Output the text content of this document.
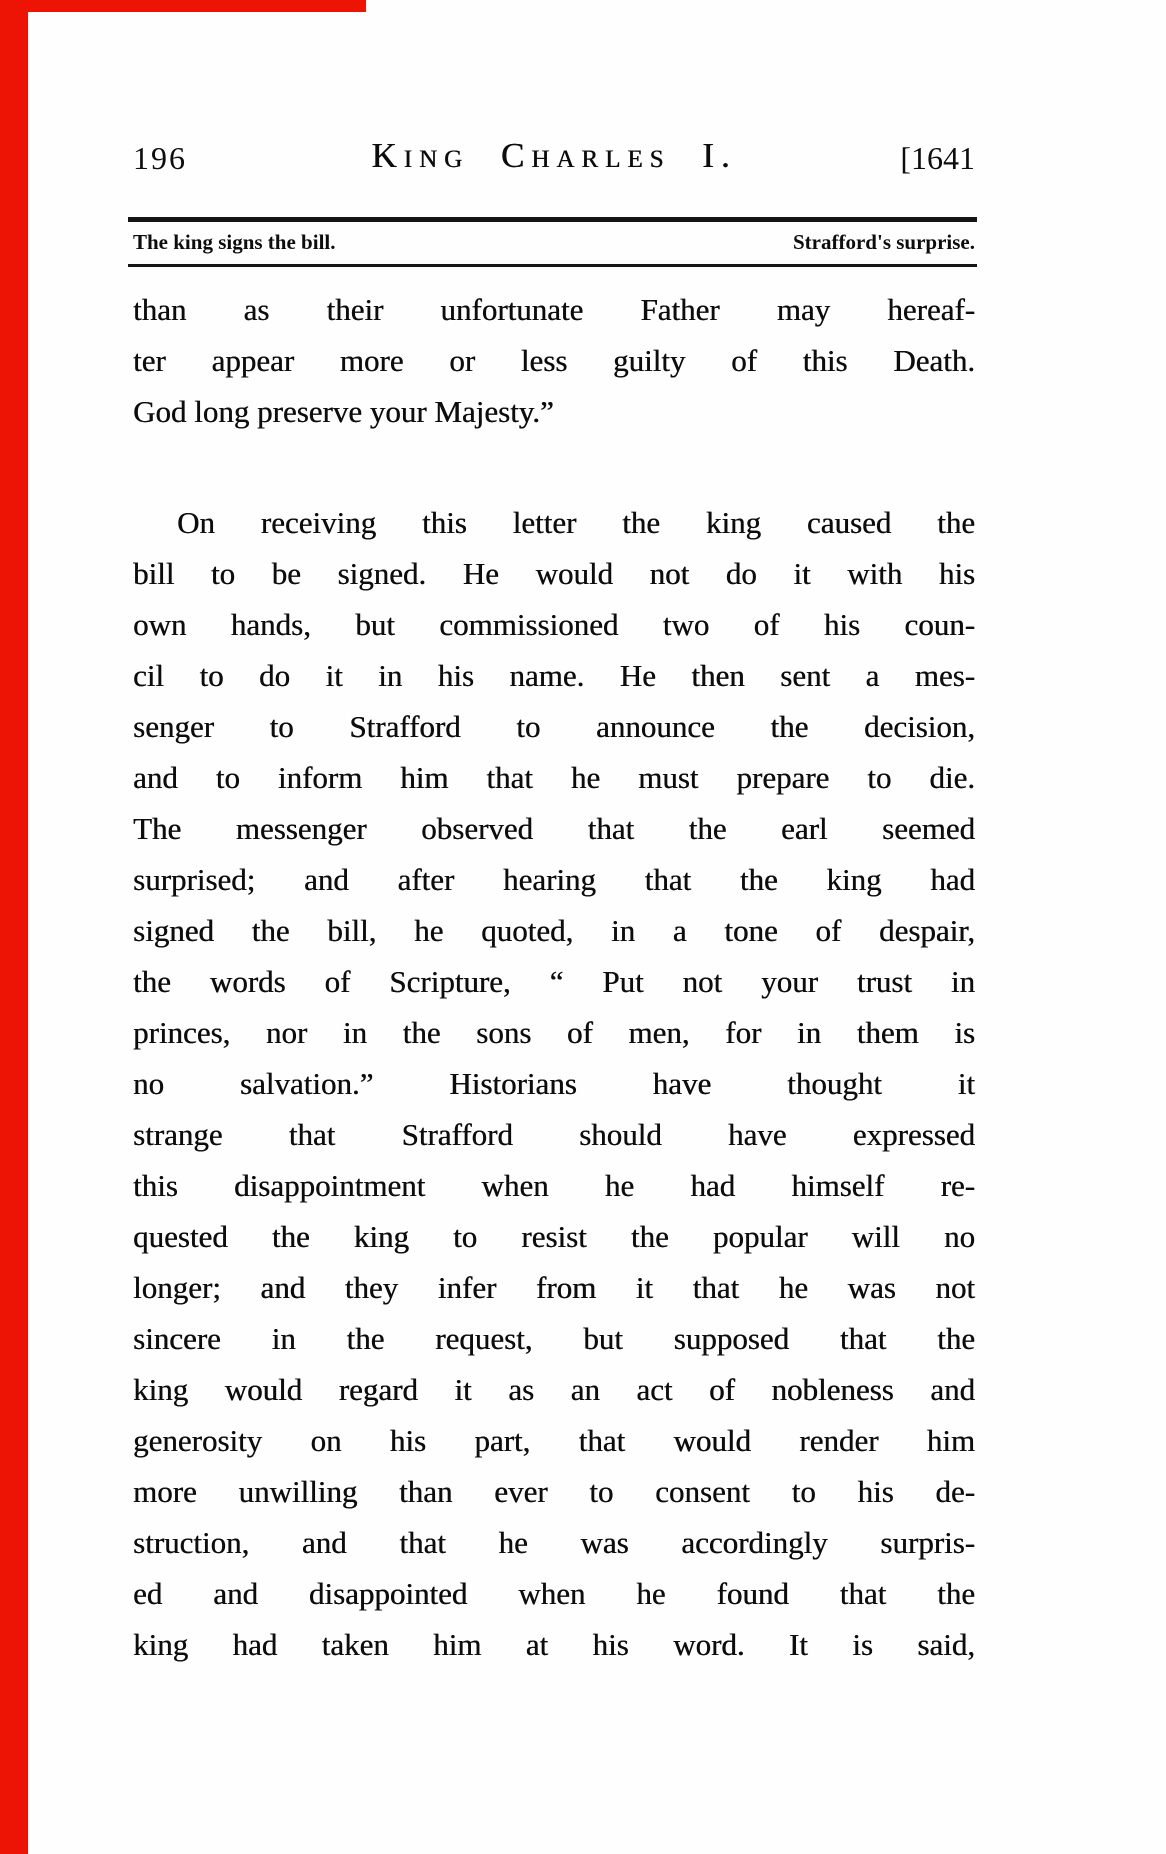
196	King Charles I.	[1641
The king signs the bill.	Strafford's surprise.
than as their unfortunate Father may hereaf-
ter appear more or less guilty of this Death.
God long preserve your Majesty.”
On receiving this letter the king caused the
bill to be signed. He would not do it with his
own hands, but commissioned two of his coun-
cil to do it in his name. He then sent a mes-
senger to Strafford to announce the decision,
and to inform him that he must prepare to die.
The messenger observed that the earl seemed
surprised; and after hearing that the king had
signed the bill, he quoted, in a tone of despair,
the words of Scripture, “ Put not your trust in
princes, nor in the sons of men, for in them is
no salvation.” Historians have thought it
strange that Strafford should have expressed
this disappointment when he had himself re-
quested the king to resist the popular will no
longer; and they infer from it that he was not
sincere in the request, but supposed that the
king would regard it as an act of nobleness and
generosity on his part, that would render him
more unwilling than ever to consent to his de-
struction, and that he was accordingly surpris-
ed and disappointed when he found that the
king had taken him at his word. It is said,
